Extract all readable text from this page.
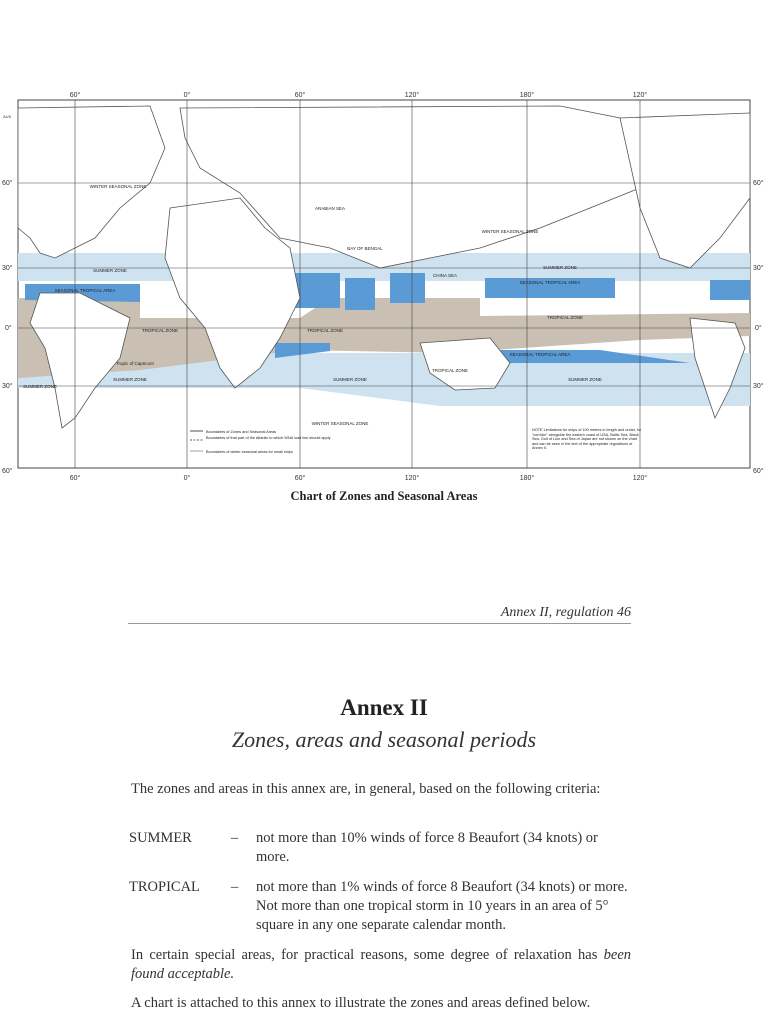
60°	0°	60°	120°	180°	120°
60°	0°	60°	120°	180°	120°
60°
30°
0°
30°
60°
60°
30°
0°
30°
60°
AUS
SUMMER ZONE
TROPICAL ZONE
SUMMER ZONE
TROPICAL ZONE
SUMMER ZONE
SEASONAL TROPICAL AREA
SEASONAL TROPICAL AREA
SEASONAL TROPICAL AREA
WINTER SEASONAL ZONE
WINTER SEASONAL ZONE
WINTER SEASONAL ZONE
ARABIAN SEA
BAY OF BENGAL
CHINA SEA
Tropic of Capricorn
TROPICAL ZONE
SUMMER ZONE
SUMMER ZONE
TROPICAL ZONE
SUMMER ZONE
Boundaries of Zones and Seasonal Areas
Boundaries of that part of the Atlantic to which WNA load line should apply
Boundaries of winter seasonal areas for small ships
NOTE Limitations for ships of 100 metres in length and under, for "corridor" alongside the eastern coast of USA, Baltic Sea, Black Sea, Gulf of Lion and Sea of Japan are not shown on the chart and can be seen in the text of the appropriate regulations of Annex II.
Chart of Zones and Seasonal Areas
Annex II, regulation 46
Annex II
Zones, areas and seasonal periods
The zones and areas in this annex are, in general, based on the following criteria:
SUMMER	– not more than 10% winds of force 8 Beaufort (34 knots) or more.
TROPICAL – not more than 1% winds of force 8 Beaufort (34 knots) or more. Not more than one tropical storm in 10 years in an area of 5° square in any one separate calendar month.
In certain special areas, for practical reasons, some degree of relaxation has been found acceptable.
A chart is attached to this annex to illustrate the zones and areas defined below.
